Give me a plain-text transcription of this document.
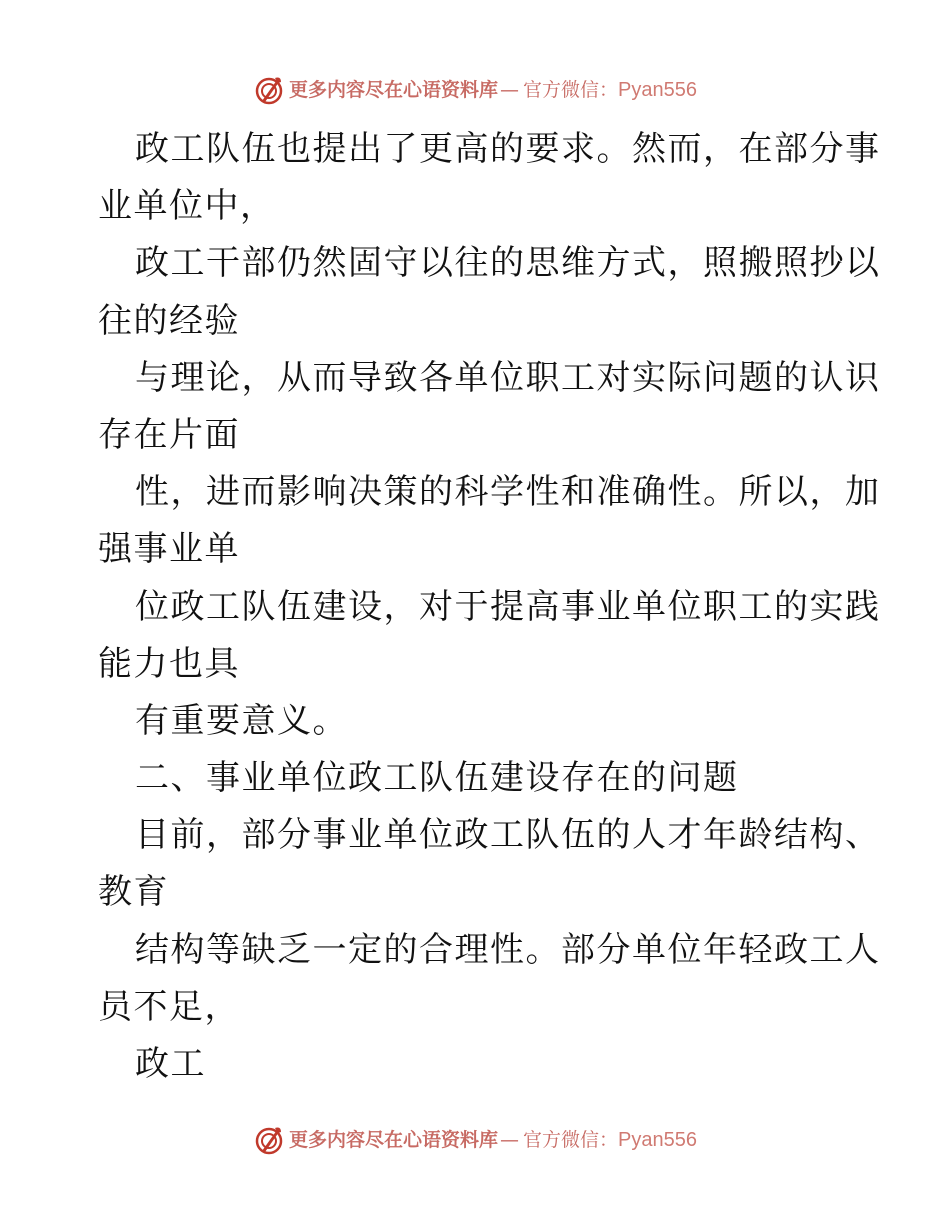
更多内容尽在心语资料库 — 官方微信： Pyan556
政工队伍也提出了更高的要求。然而，在部分事
业单位中，
政工干部仍然固守以往的思维方式，照搬照抄以
往的经验
与理论，从而导致各单位职工对实际问题的认识
存在片面
性，进而影响决策的科学性和准确性。所以，加
强事业单
位政工队伍建设，对于提高事业单位职工的实践
能力也具
有重要意义。
二、事业单位政工队伍建设存在的问题
目前，部分事业单位政工队伍的人才年龄结构、
教育
结构等缺乏一定的合理性。部分单位年轻政工人
员不足，
政工
更多内容尽在心语资料库 — 官方微信： Pyan556
